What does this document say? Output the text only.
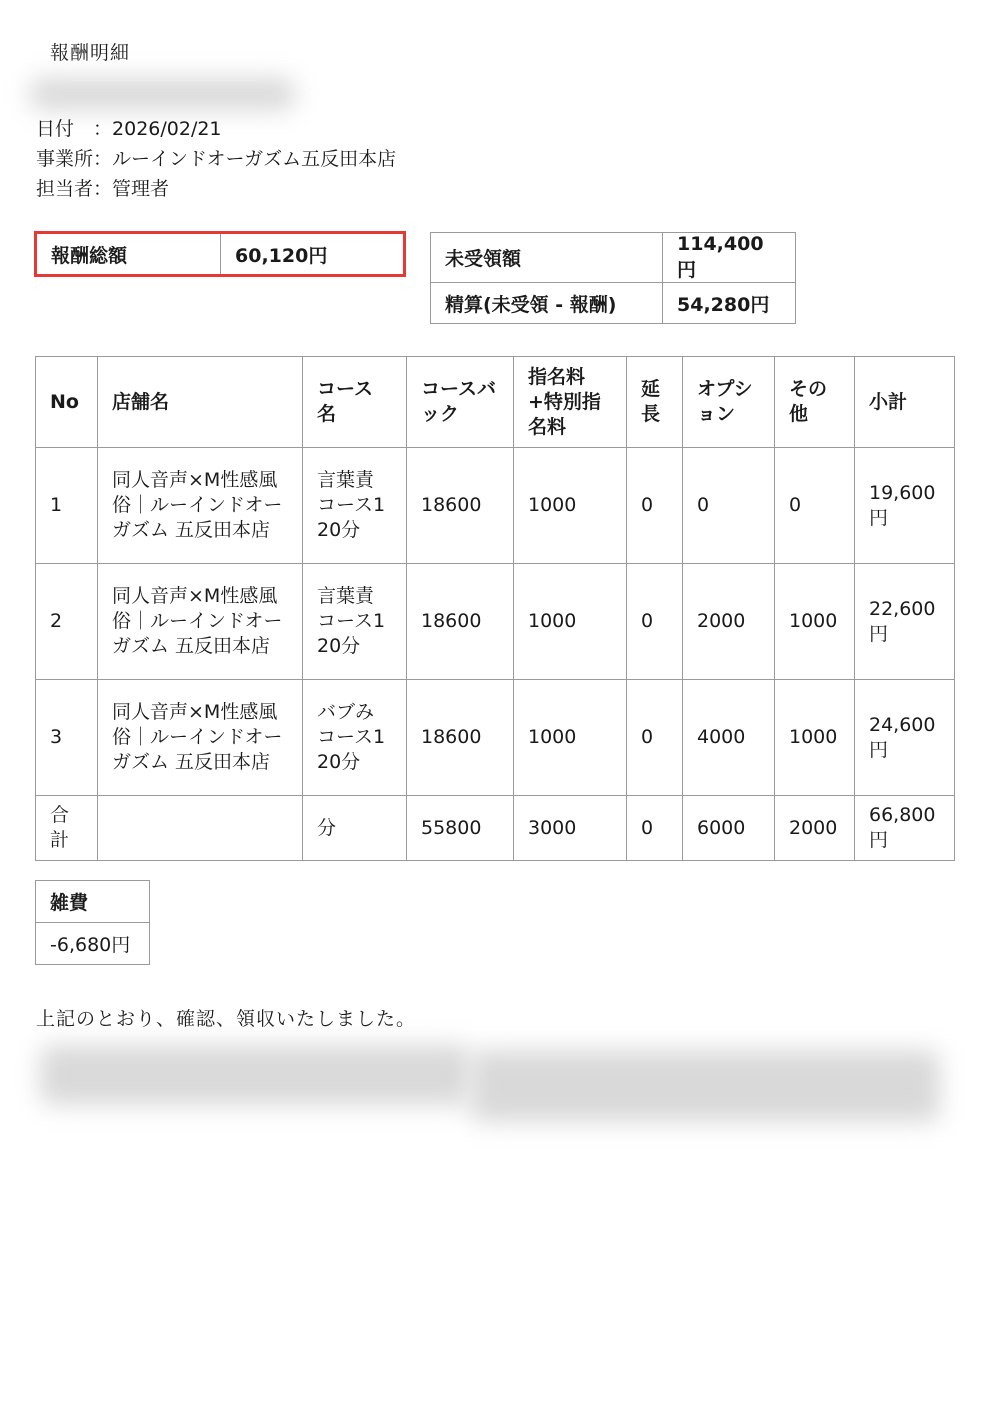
報酬明細
日付　：2026/02/21
事業所：ルーインドオーガズム五反田本店
担当者：管理者
報酬総額	60,120円	未受領額	114,400円
精算(未受領 - 報酬)	54,280円
No	店舗名	コース名	コースバック	指名料+特別指名料	延長	オプション	その他	小計
1	同人音声×M性感風俗｜ルーインドオーガズム 五反田本店	言葉責コース120分	18600	1000	0	0	0	19,600円
2	同人音声×M性感風俗｜ルーインドオーガズム 五反田本店	言葉責コース120分	18600	1000	0	2000	1000	22,600円
3	同人音声×M性感風俗｜ルーインドオーガズム 五反田本店	バブみコース120分	18600	1000	0	4000	1000	24,600円
合計		分	55800	3000	0	6000	2000	66,800円
雑費
-6,680円
上記のとおり、確認、領収いたしました。
